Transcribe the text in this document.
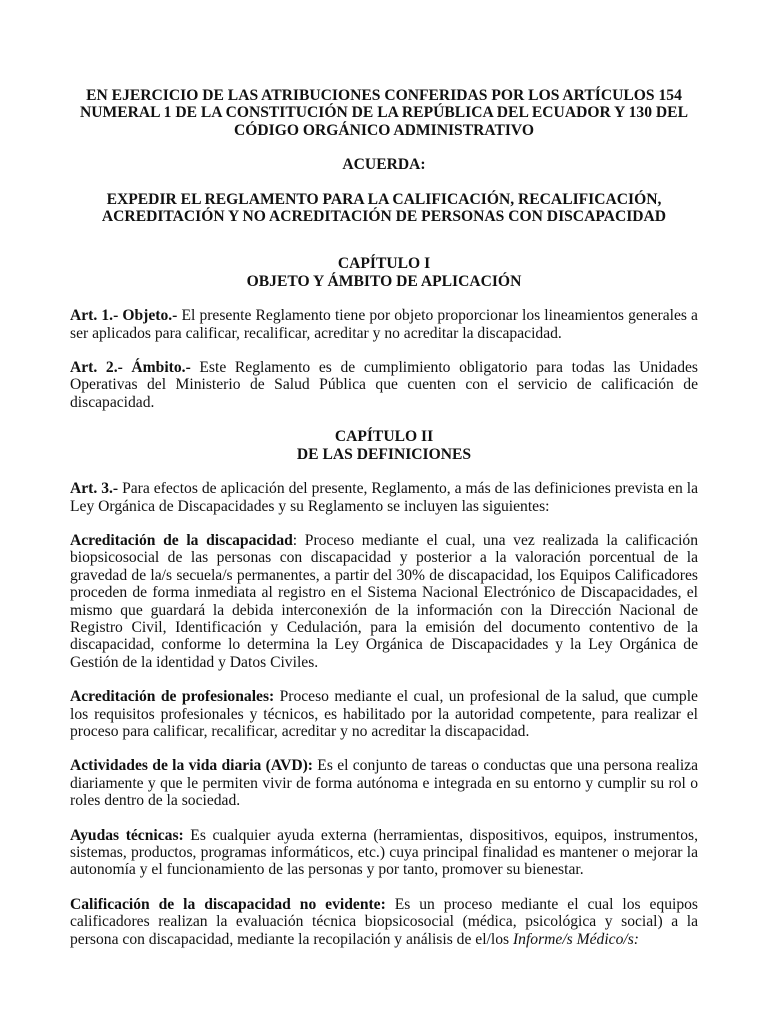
EN EJERCICIO DE LAS ATRIBUCIONES CONFERIDAS POR LOS ARTÍCULOS 154 NUMERAL 1 DE LA CONSTITUCIÓN DE LA REPÚBLICA DEL ECUADOR Y 130 DEL CÓDIGO ORGÁNICO ADMINISTRATIVO

ACUERDA:

EXPEDIR EL REGLAMENTO PARA LA CALIFICACIÓN, RECALIFICACIÓN, ACREDITACIÓN Y NO ACREDITACIÓN DE PERSONAS CON DISCAPACIDAD

CAPÍTULO I

OBJETO Y ÁMBITO DE APLICACIÓN

Art. 1.- Objeto.- El presente Reglamento tiene por objeto proporcionar los lineamientos generales a ser aplicados para calificar, recalificar, acreditar y no acreditar la discapacidad.

Art. 2.- Ámbito.- Este Reglamento es de cumplimiento obligatorio para todas las Unidades Operativas del Ministerio de Salud Pública que cuenten con el servicio de calificación de discapacidad.

CAPÍTULO II

DE LAS DEFINICIONES

Art. 3.- Para efectos de aplicación del presente, Reglamento, a más de las definiciones prevista en la Ley Orgánica de Discapacidades y su Reglamento se incluyen las siguientes:

Acreditación de la discapacidad: Proceso mediante el cual, una vez realizada la calificación biopsicosocial de las personas con discapacidad y posterior a la valoración porcentual de la gravedad de la/s secuela/s permanentes, a partir del 30% de discapacidad, los Equipos Calificadores proceden de forma inmediata al registro en el Sistema Nacional Electrónico de Discapacidades, el mismo que guardará la debida interconexión de la información con la Dirección Nacional de Registro Civil, Identificación y Cedulación, para la emisión del documento contentivo de la discapacidad, conforme lo determina la Ley Orgánica de Discapacidades y la Ley Orgánica de Gestión de la identidad y Datos Civiles.

Acreditación de profesionales: Proceso mediante el cual, un profesional de la salud, que cumple los requisitos profesionales y técnicos, es habilitado por la autoridad competente, para realizar el proceso para calificar, recalificar, acreditar y no acreditar la discapacidad.

Actividades de la vida diaria (AVD): Es el conjunto de tareas o conductas que una persona realiza diariamente y que le permiten vivir de forma autónoma e integrada en su entorno y cumplir su rol o roles dentro de la sociedad.

Ayudas técnicas: Es cualquier ayuda externa (herramientas, dispositivos, equipos, instrumentos, sistemas, productos, programas informáticos, etc.) cuya principal finalidad es mantener o mejorar la autonomía y el funcionamiento de las personas y por tanto, promover su bienestar.

Calificación de la discapacidad no evidente: Es un proceso mediante el cual los equipos calificadores realizan la evaluación técnica biopsicosocial (médica, psicológica y social) a la persona con discapacidad, mediante la recopilación y análisis de el/los Informe/s Médico/s:
